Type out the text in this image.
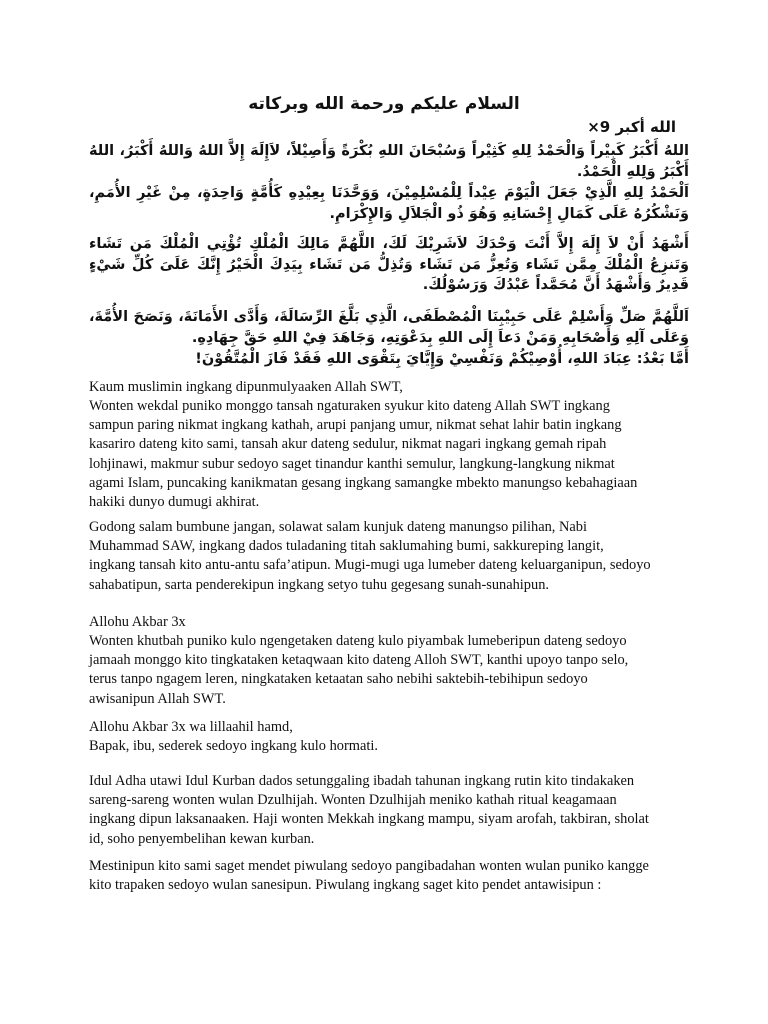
السلام عليكم ورحمة الله وبركاته
الله أكبر 9×
اللهُ أَكْبَرُ كَبِيْراً وَالْحَمْدُ لِلهِ كَثِيْراً وَسُبْحَانَ اللهِ بُكْرَةً وَأَصِيْلاً، لاَإِلَهَ إِلاَّ اللهُ وَاللهُ أَكْبَرُ، اللهُ أَكْبَرُ وَلِلهِ الْحَمْدُ.
اَلْحَمْدُ لِلهِ الَّذِيْ جَعَلَ الْيَوْمَ عِيْداً لِلْمُسْلِمِيْنَ، وَوَحَّدَنَا بِعِيْدِهِ كَأُمَّةٍ وَاحِدَةٍ، مِنْ غَيْرِ الأُمَمِ، وَنَشْكُرُهُ عَلَى كَمَالِ إِحْسَانِهِ وَهُوَ ذُو الْجَلاَلِ وَالإِكْرَامِ.
أَشْهَدُ أَنْ لاَ إِلَهَ إِلاَّ أَنْتَ وَحْدَكَ لاَشَرِيْكَ لَكَ، اللَّهُمَّ مَالِكَ الْمُلْكِ تُؤْتِي الْمُلْكَ مَن تَشَاء وَتَنزِعُ الْمُلْكَ مِمَّن تَشَاء وَتُعِزُّ مَن تَشَاء وَتُذِلُّ مَن تَشَاء بِيَدِكَ الْخَيْرُ إِنَّكَ عَلَىَ كُلِّ شَيْءٍ قَدِيرٌ وَأَشْهَدُ أَنَّ مُحَمَّداً عَبْدُكَ وَرَسُوْلُكَ.
اَللَّهُمَّ صَلِّ وَأَسْلِمْ عَلَى حَبِيْبِنَا الْمُصْطَفَى، الَّذِي بَلَّغَ الرِّسَالَةَ، وَأَدَّى الأَمَانَةَ، وَنَصَحَ الأُمَّةَ، وَعَلَى آلِهِ وَأَصْحَابِهِ وَمَنْ دَعاَ إِلَى اللهِ بِدَعْوَتِهِ، وَجَاهَدَ فِيْ اللهِ حَقَّ جِهَادِهِ.
أَمَّا بَعْدُ: عِبَادَ اللهِ، أُوْصِيْكُمْ وَنَفْسِيْ وَإِيَّايَ بِتَقْوَى اللهِ فَقَدْ فَازَ الْمُتَّقُوْنَ!
Kaum muslimin ingkang dipunmulyaaken Allah SWT,
Wonten wekdal puniko monggo tansah ngaturaken syukur kito dateng Allah SWT ingkang
sampun paring nikmat ingkang kathah, arupi panjang umur, nikmat sehat lahir batin ingkang
kasariro dateng kito sami, tansah akur dateng sedulur, nikmat nagari ingkang gemah ripah
lohjinawi, makmur subur sedoyo saget tinandur kanthi semulur, langkung-langkung nikmat
agami Islam, puncaking kanikmatan gesang ingkang samangke mbekto manungso kebahagiaan
hakiki dunyo dumugi akhirat.
Godong salam bumbune jangan, solawat salam kunjuk dateng manungso pilihan, Nabi
Muhammad SAW, ingkang dados tuladaning titah saklumahing bumi, sakkureping langit,
ingkang tansah kito antu-antu safa’atipun. Mugi-mugi uga lumeber dateng keluarganipun, sedoyo
sahabatipun, sarta penderekipun ingkang setyo tuhu gegesang sunah-sunahipun.
Allohu Akbar 3x
Wonten khutbah puniko kulo ngengetaken dateng kulo piyambak lumeberipun dateng sedoyo
jamaah monggo kito tingkataken ketaqwaan kito dateng Alloh SWT, kanthi upoyo tanpo selo,
terus tanpo ngagem leren, ningkataken ketaatan saho nebihi saktebih-tebihipun sedoyo
awisanipun Allah SWT.
Allohu Akbar 3x wa lillaahil hamd,
Bapak, ibu, sederek sedoyo ingkang kulo hormati.
Idul Adha utawi Idul Kurban dados setunggaling ibadah tahunan ingkang rutin kito tindakaken
sareng-sareng wonten wulan Dzulhijah. Wonten Dzulhijah meniko kathah ritual keagamaan
ingkang dipun laksanaaken. Haji wonten Mekkah ingkang mampu, siyam arofah, takbiran, sholat
id, soho penyembelihan kewan kurban.
Mestinipun kito sami saget mendet piwulang sedoyo pangibadahan wonten wulan puniko kangge
kito trapaken sedoyo wulan sanesipun. Piwulang ingkang saget kito pendet antawisipun :
